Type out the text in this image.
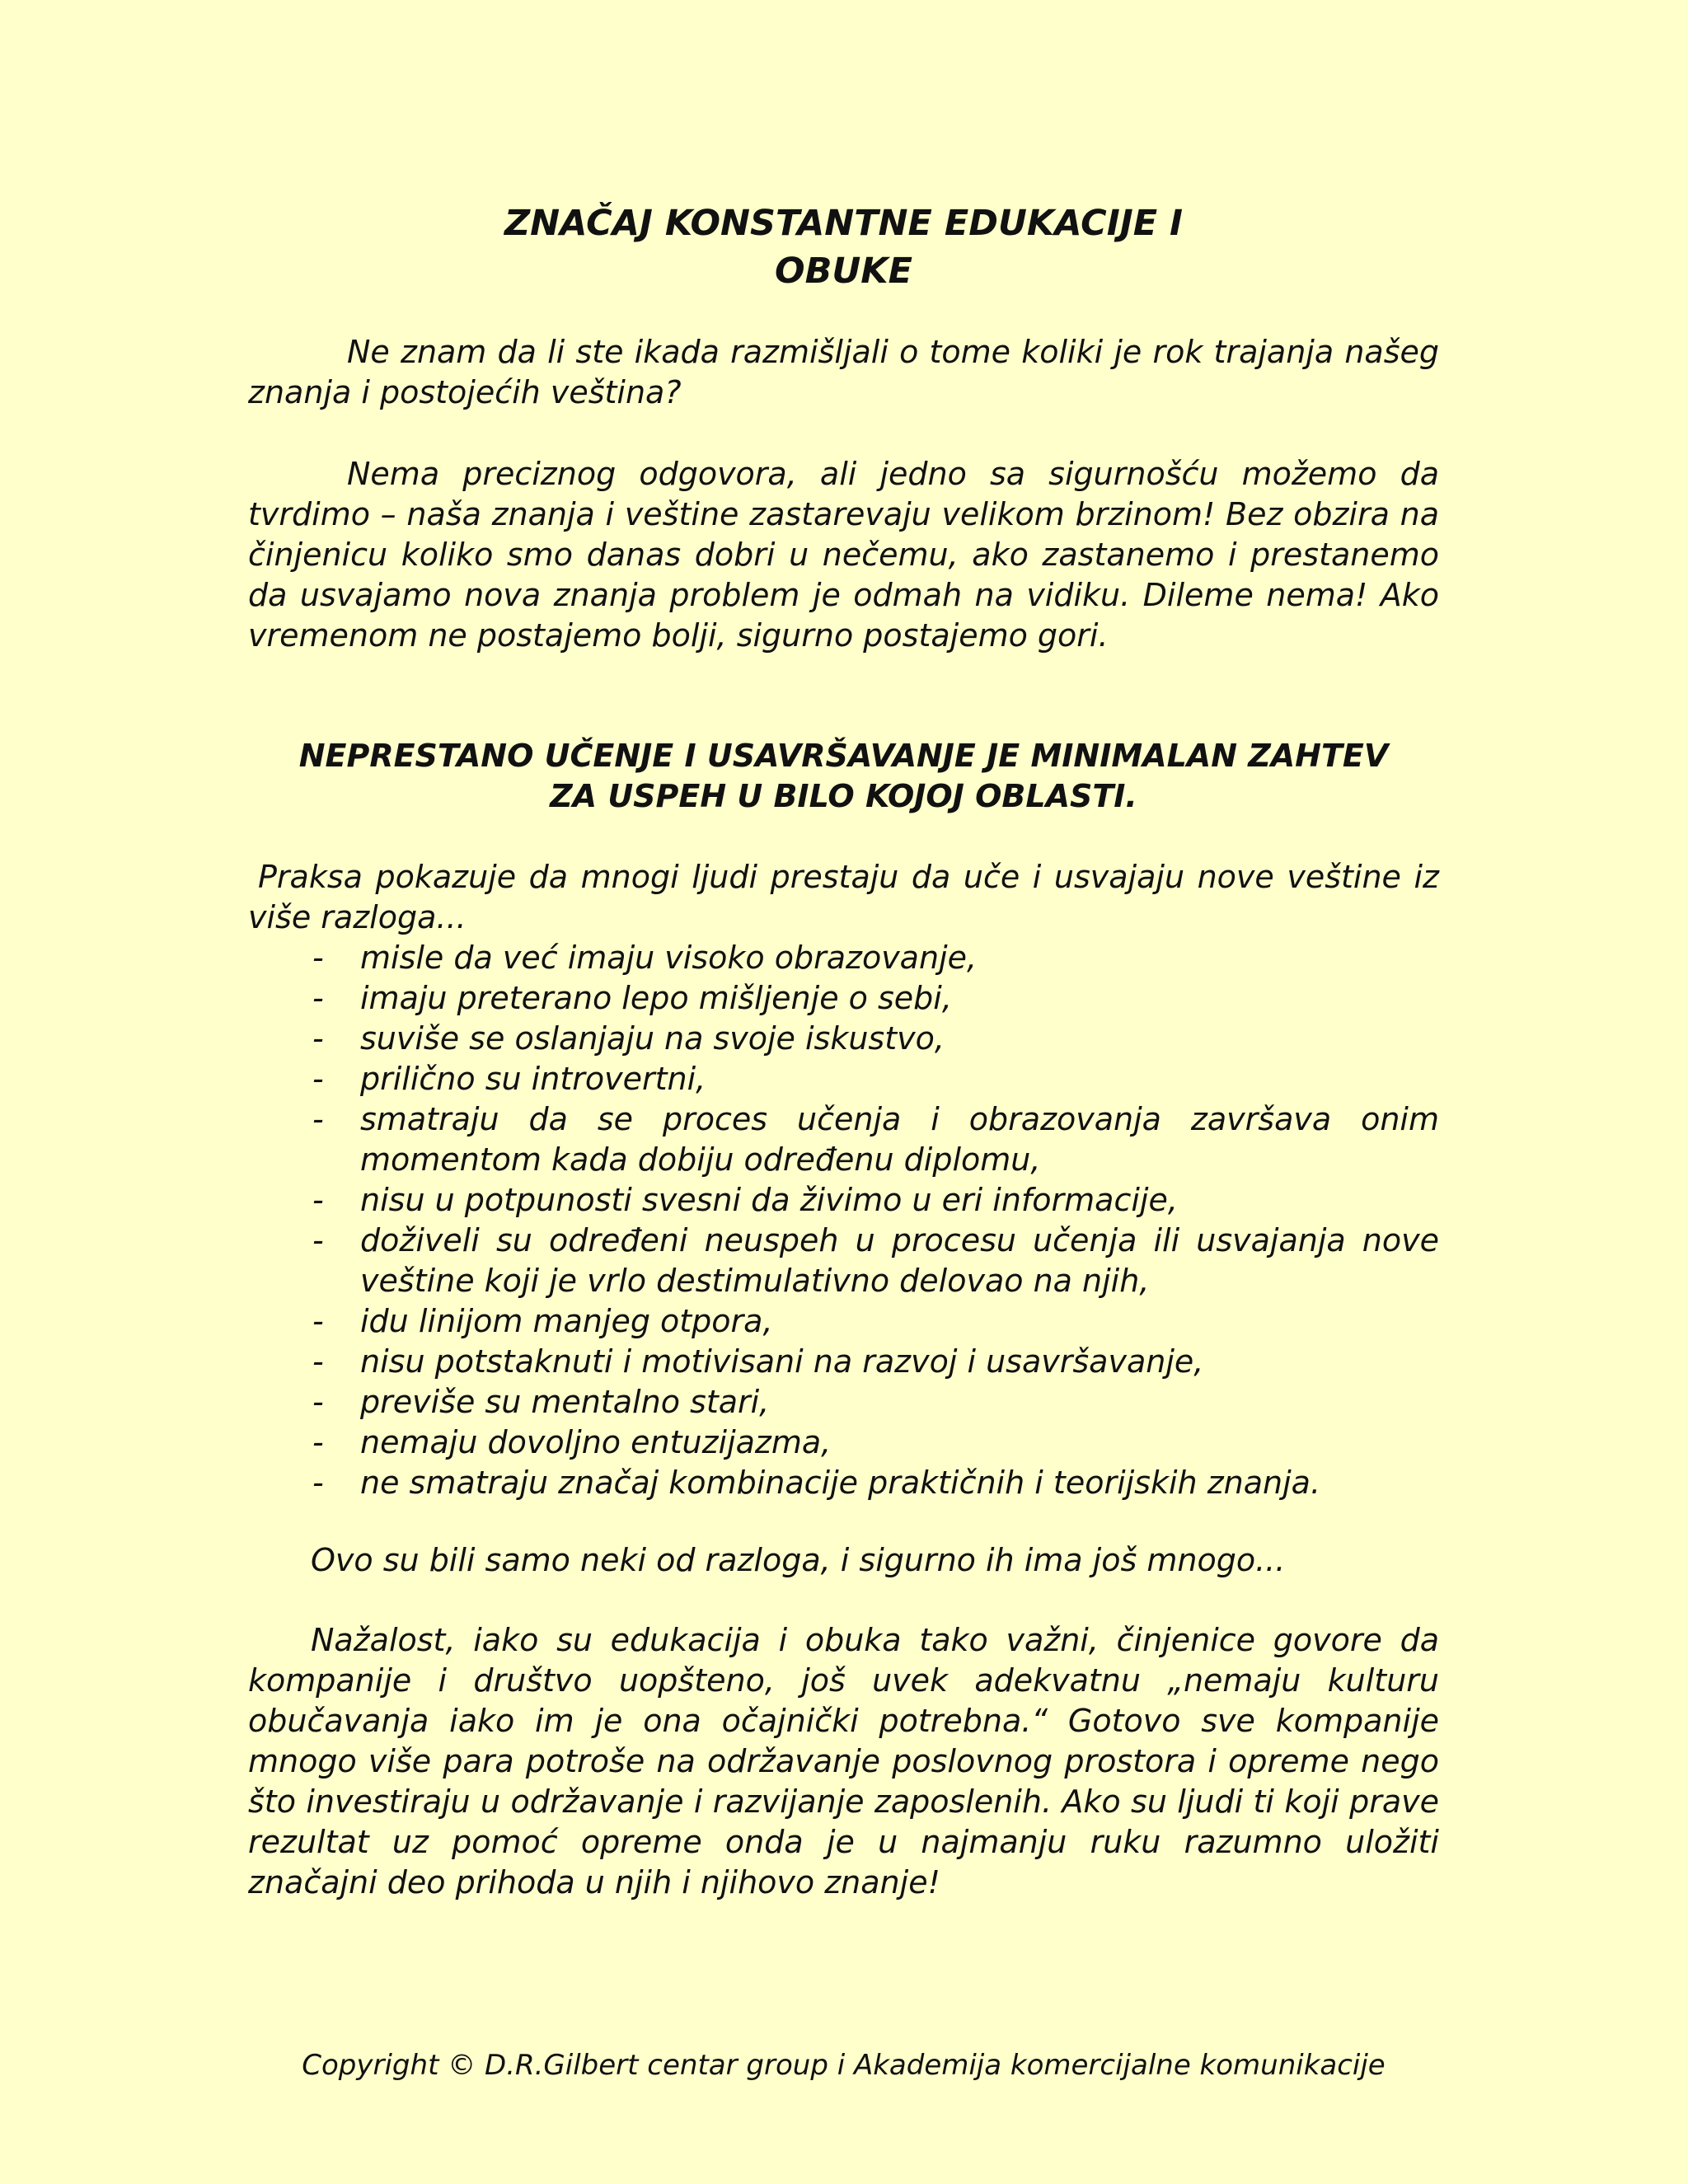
ZNAČAJ KONSTANTNE EDUKACIJE I
OBUKE

Ne znam da li ste ikada razmišljali o tome koliki je rok trajanja našeg znanja i postojećih veština?

Nema preciznog odgovora, ali jedno sa sigurnošću možemo da tvrdimo – naša znanja i veštine zastarevaju velikom brzinom! Bez obzira na činjenicu koliko smo danas dobri u nečemu, ako zastanemo i prestanemo da usvajamo nova znanja problem je odmah na vidiku. Dileme nema! Ako vremenom ne postajemo bolji, sigurno postajemo gori.

NEPRESTANO UČENJE I USAVRŠAVANJE JE MINIMALAN ZAHTEV
ZA USPEH U BILO KOJOJ OBLASTI.

Praksa pokazuje da mnogi ljudi prestaju da uče i usvajaju nove veštine iz više razloga...

- misle da već imaju visoko obrazovanje,
- imaju preterano lepo mišljenje o sebi,
- suviše se oslanjaju na svoje iskustvo,
- prilično su introvertni,
- smatraju da se proces učenja i obrazovanja završava onim momentom kada dobiju određenu diplomu,
- nisu u potpunosti svesni da živimo u eri informacije,
- doživeli su određeni neuspeh u procesu učenja ili usvajanja nove veštine koji je vrlo destimulativno delovao na njih,
- idu linijom manjeg otpora,
- nisu potstaknuti i motivisani na razvoj i usavršavanje,
- previše su mentalno stari,
- nemaju dovoljno entuzijazma,
- ne smatraju značaj kombinacije praktičnih i teorijskih znanja.

Ovo su bili samo neki od razloga, i sigurno ih ima još mnogo...

Nažalost, iako su edukacija i obuka tako važni, činjenice govore da kompanije i društvo uopšteno, još uvek adekvatnu „nemaju kulturu obučavanja iako im je ona očajnički potrebna.“ Gotovo sve kompanije mnogo više para potroše na održavanje poslovnog prostora i opreme nego što investiraju u održavanje i razvijanje zaposlenih. Ako su ljudi ti koji prave rezultat uz pomoć opreme onda je u najmanju ruku razumno uložiti značajni deo prihoda u njih i njihovo znanje!

Copyright © D.R.Gilbert centar group i Akademija komercijalne komunikacije
